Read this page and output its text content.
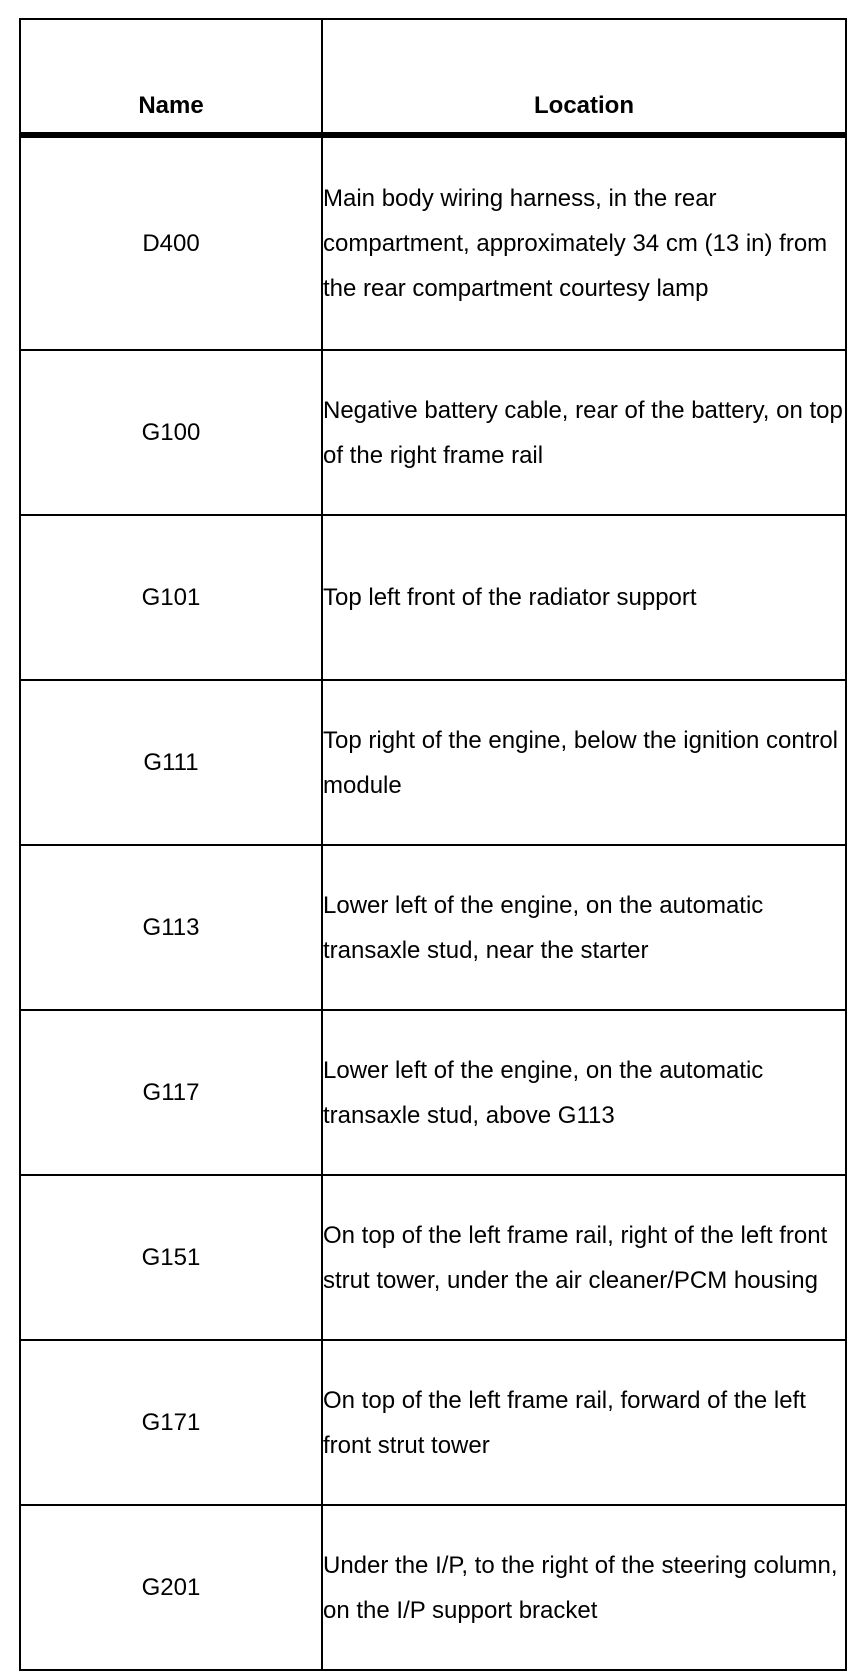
Name	Location
D400	Main body wiring harness, in the rear compartment, approximately 34 cm (13 in) from the rear compartment courtesy lamp
G100	Negative battery cable, rear of the battery, on top of the right frame rail
G101	Top left front of the radiator support
G111	Top right of the engine, below the ignition control module
G113	Lower left of the engine, on the automatic transaxle stud, near the starter
G117	Lower left of the engine, on the automatic transaxle stud, above G113
G151	On top of the left frame rail, right of the left front strut tower, under the air cleaner/PCM housing
G171	On top of the left frame rail, forward of the left front strut tower
G201	Under the I/P, to the right of the steering column, on the I/P support bracket
